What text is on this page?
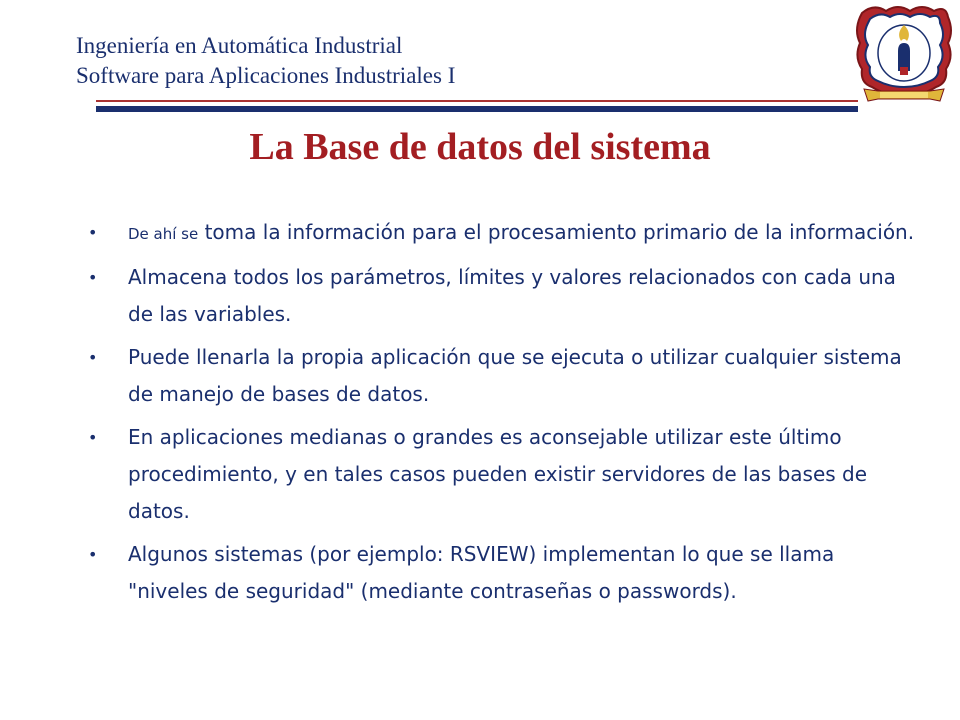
Ingeniería en Automática Industrial
Software para Aplicaciones Industriales I
La Base de datos del sistema
• De ahí se toma la información para el procesamiento primario de la información.
• Almacena todos los parámetros, límites y valores relacionados con cada una de las variables.
• Puede llenarla la propia aplicación que se ejecuta o utilizar cualquier sistema de manejo de bases de datos.
• En aplicaciones medianas o grandes es aconsejable utilizar este último procedimiento, y en tales casos pueden existir servidores de las bases de datos.
• Algunos sistemas (por ejemplo: RSVIEW) implementan lo que se llama "niveles de seguridad" (mediante contraseñas o passwords).
